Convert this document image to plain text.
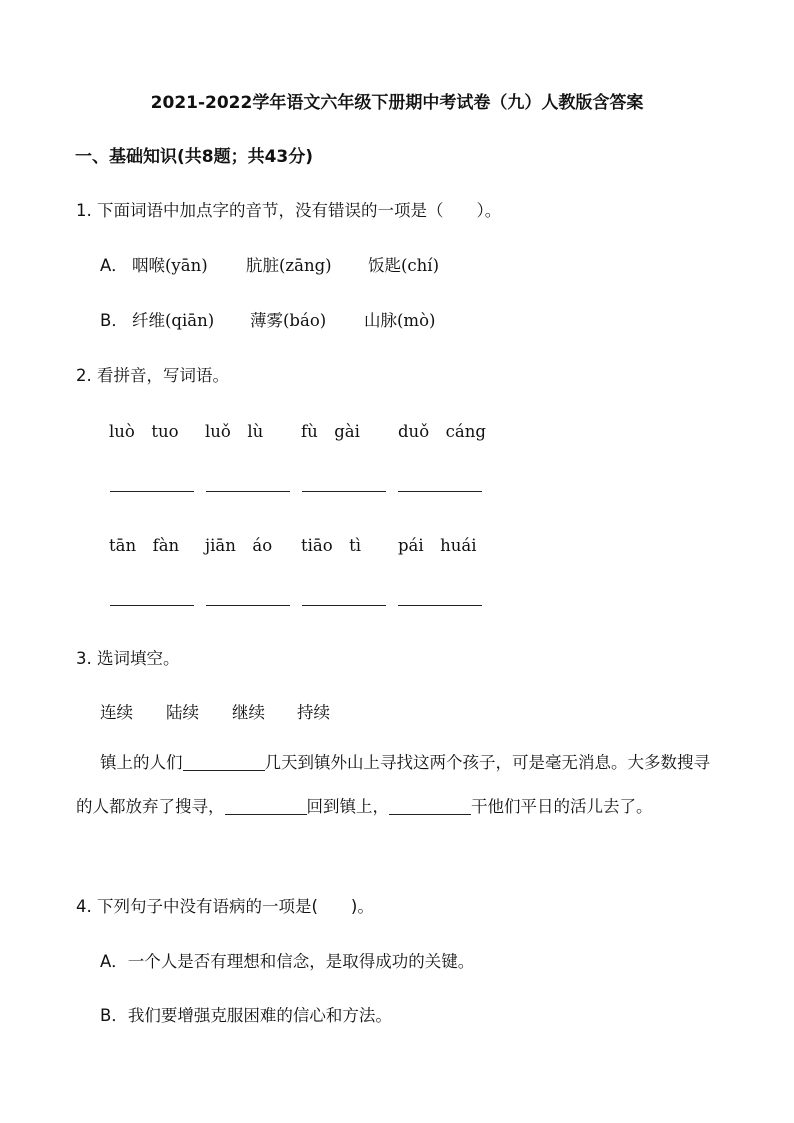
2021-2022学年语文六年级下册期中考试卷（九）人教版含答案
一、基础知识(共8题；共43分)
1. 下面词语中加点字的音节，没有错误的一项是（　　）。
A． 咽喉(yān) 肮脏(zāng) 饭匙(chí)
B． 纤维(qiān) 薄雾(báo) 山脉(mò)
2. 看拼音，写词语。
luò　tuo luǒ　lù fù　gài duǒ　cáng
tān　fàn jiān　áo tiāo　tì pái　huái
3. 选词填空。
连续 陆续 继续 持续
镇上的人们	几天到镇外山上寻找这两个孩子，可是毫无消息。大多数搜寻的人都放弃了搜寻，	回到镇上，	干他们平日的活儿去了。
4. 下列句子中没有语病的一项是(　　)。
A．一个人是否有理想和信念，是取得成功的关键。
B．我们要增强克服困难的信心和方法。
